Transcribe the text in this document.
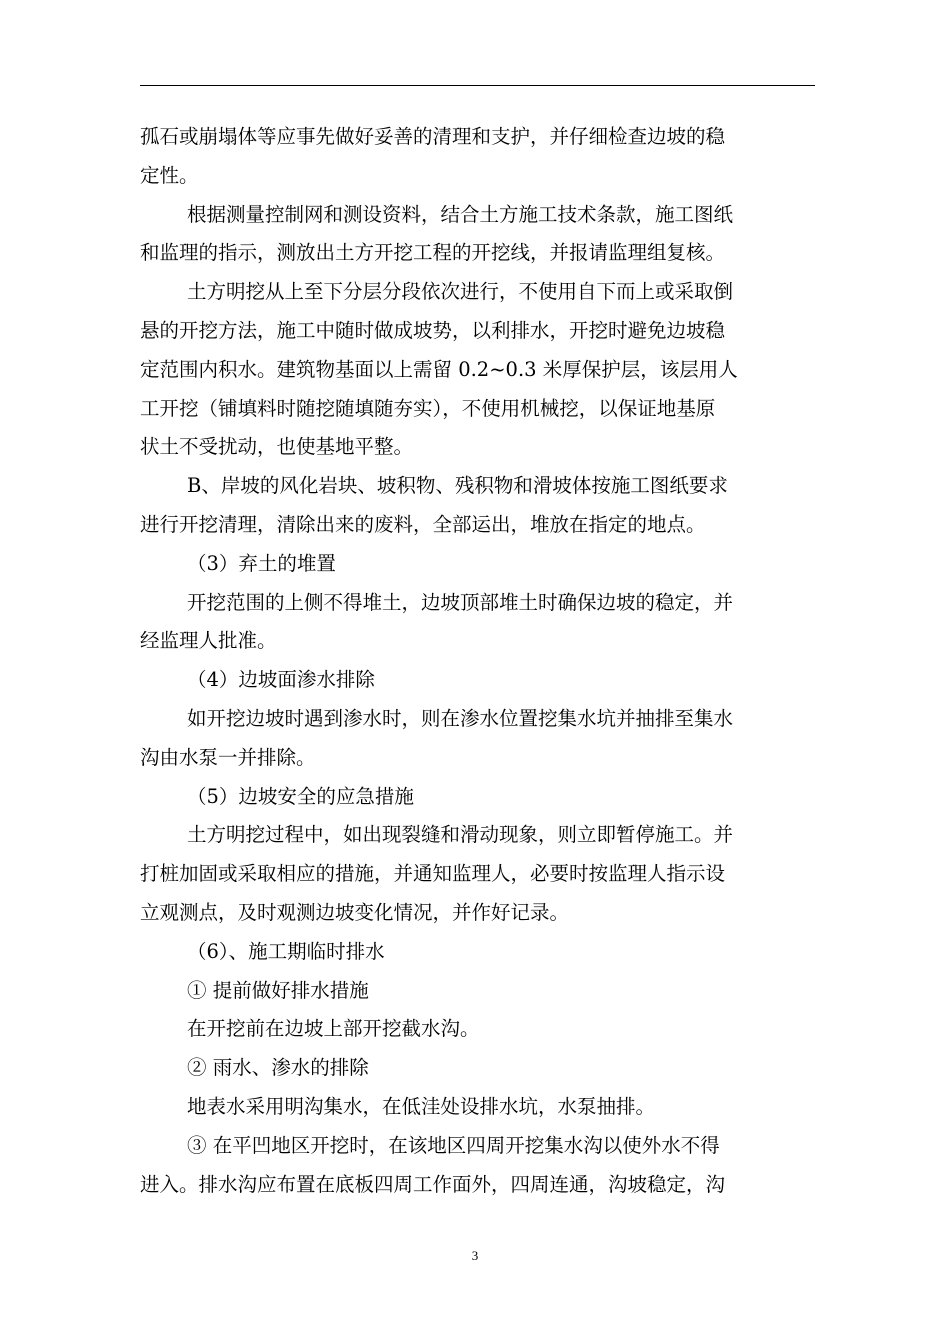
孤石或崩塌体等应事先做好妥善的清理和支护，并仔细检查边坡的稳

定性。

根据测量控制网和测设资料，结合土方施工技术条款，施工图纸

和监理的指示，测放出土方开挖工程的开挖线，并报请监理组复核。

土方明挖从上至下分层分段依次进行，不使用自下而上或采取倒

悬的开挖方法，施工中随时做成坡势，以利排水，开挖时避免边坡稳

定范围内积水。建筑物基面以上需留 0.2~0.3 米厚保护层，该层用人

工开挖（铺填料时随挖随填随夯实），不使用机械挖，以保证地基原

状土不受扰动，也使基地平整。

B、岸坡的风化岩块、坡积物、残积物和滑坡体按施工图纸要求

进行开挖清理，清除出来的废料，全部运出，堆放在指定的地点。

（3）弃土的堆置

开挖范围的上侧不得堆土，边坡顶部堆土时确保边坡的稳定，并

经监理人批准。

（4）边坡面渗水排除

如开挖边坡时遇到渗水时，则在渗水位置挖集水坑并抽排至集水

沟由水泵一并排除。

（5）边坡安全的应急措施

土方明挖过程中，如出现裂缝和滑动现象，则立即暂停施工。并

打桩加固或采取相应的措施，并通知监理人，必要时按监理人指示设

立观测点，及时观测边坡变化情况，并作好记录。

（6）、施工期临时排水

① 提前做好排水措施

在开挖前在边坡上部开挖截水沟。

② 雨水、渗水的排除

地表水采用明沟集水，在低洼处设排水坑，水泵抽排。

③ 在平凹地区开挖时，在该地区四周开挖集水沟以使外水不得

进入。排水沟应布置在底板四周工作面外，四周连通，沟坡稳定，沟

3
